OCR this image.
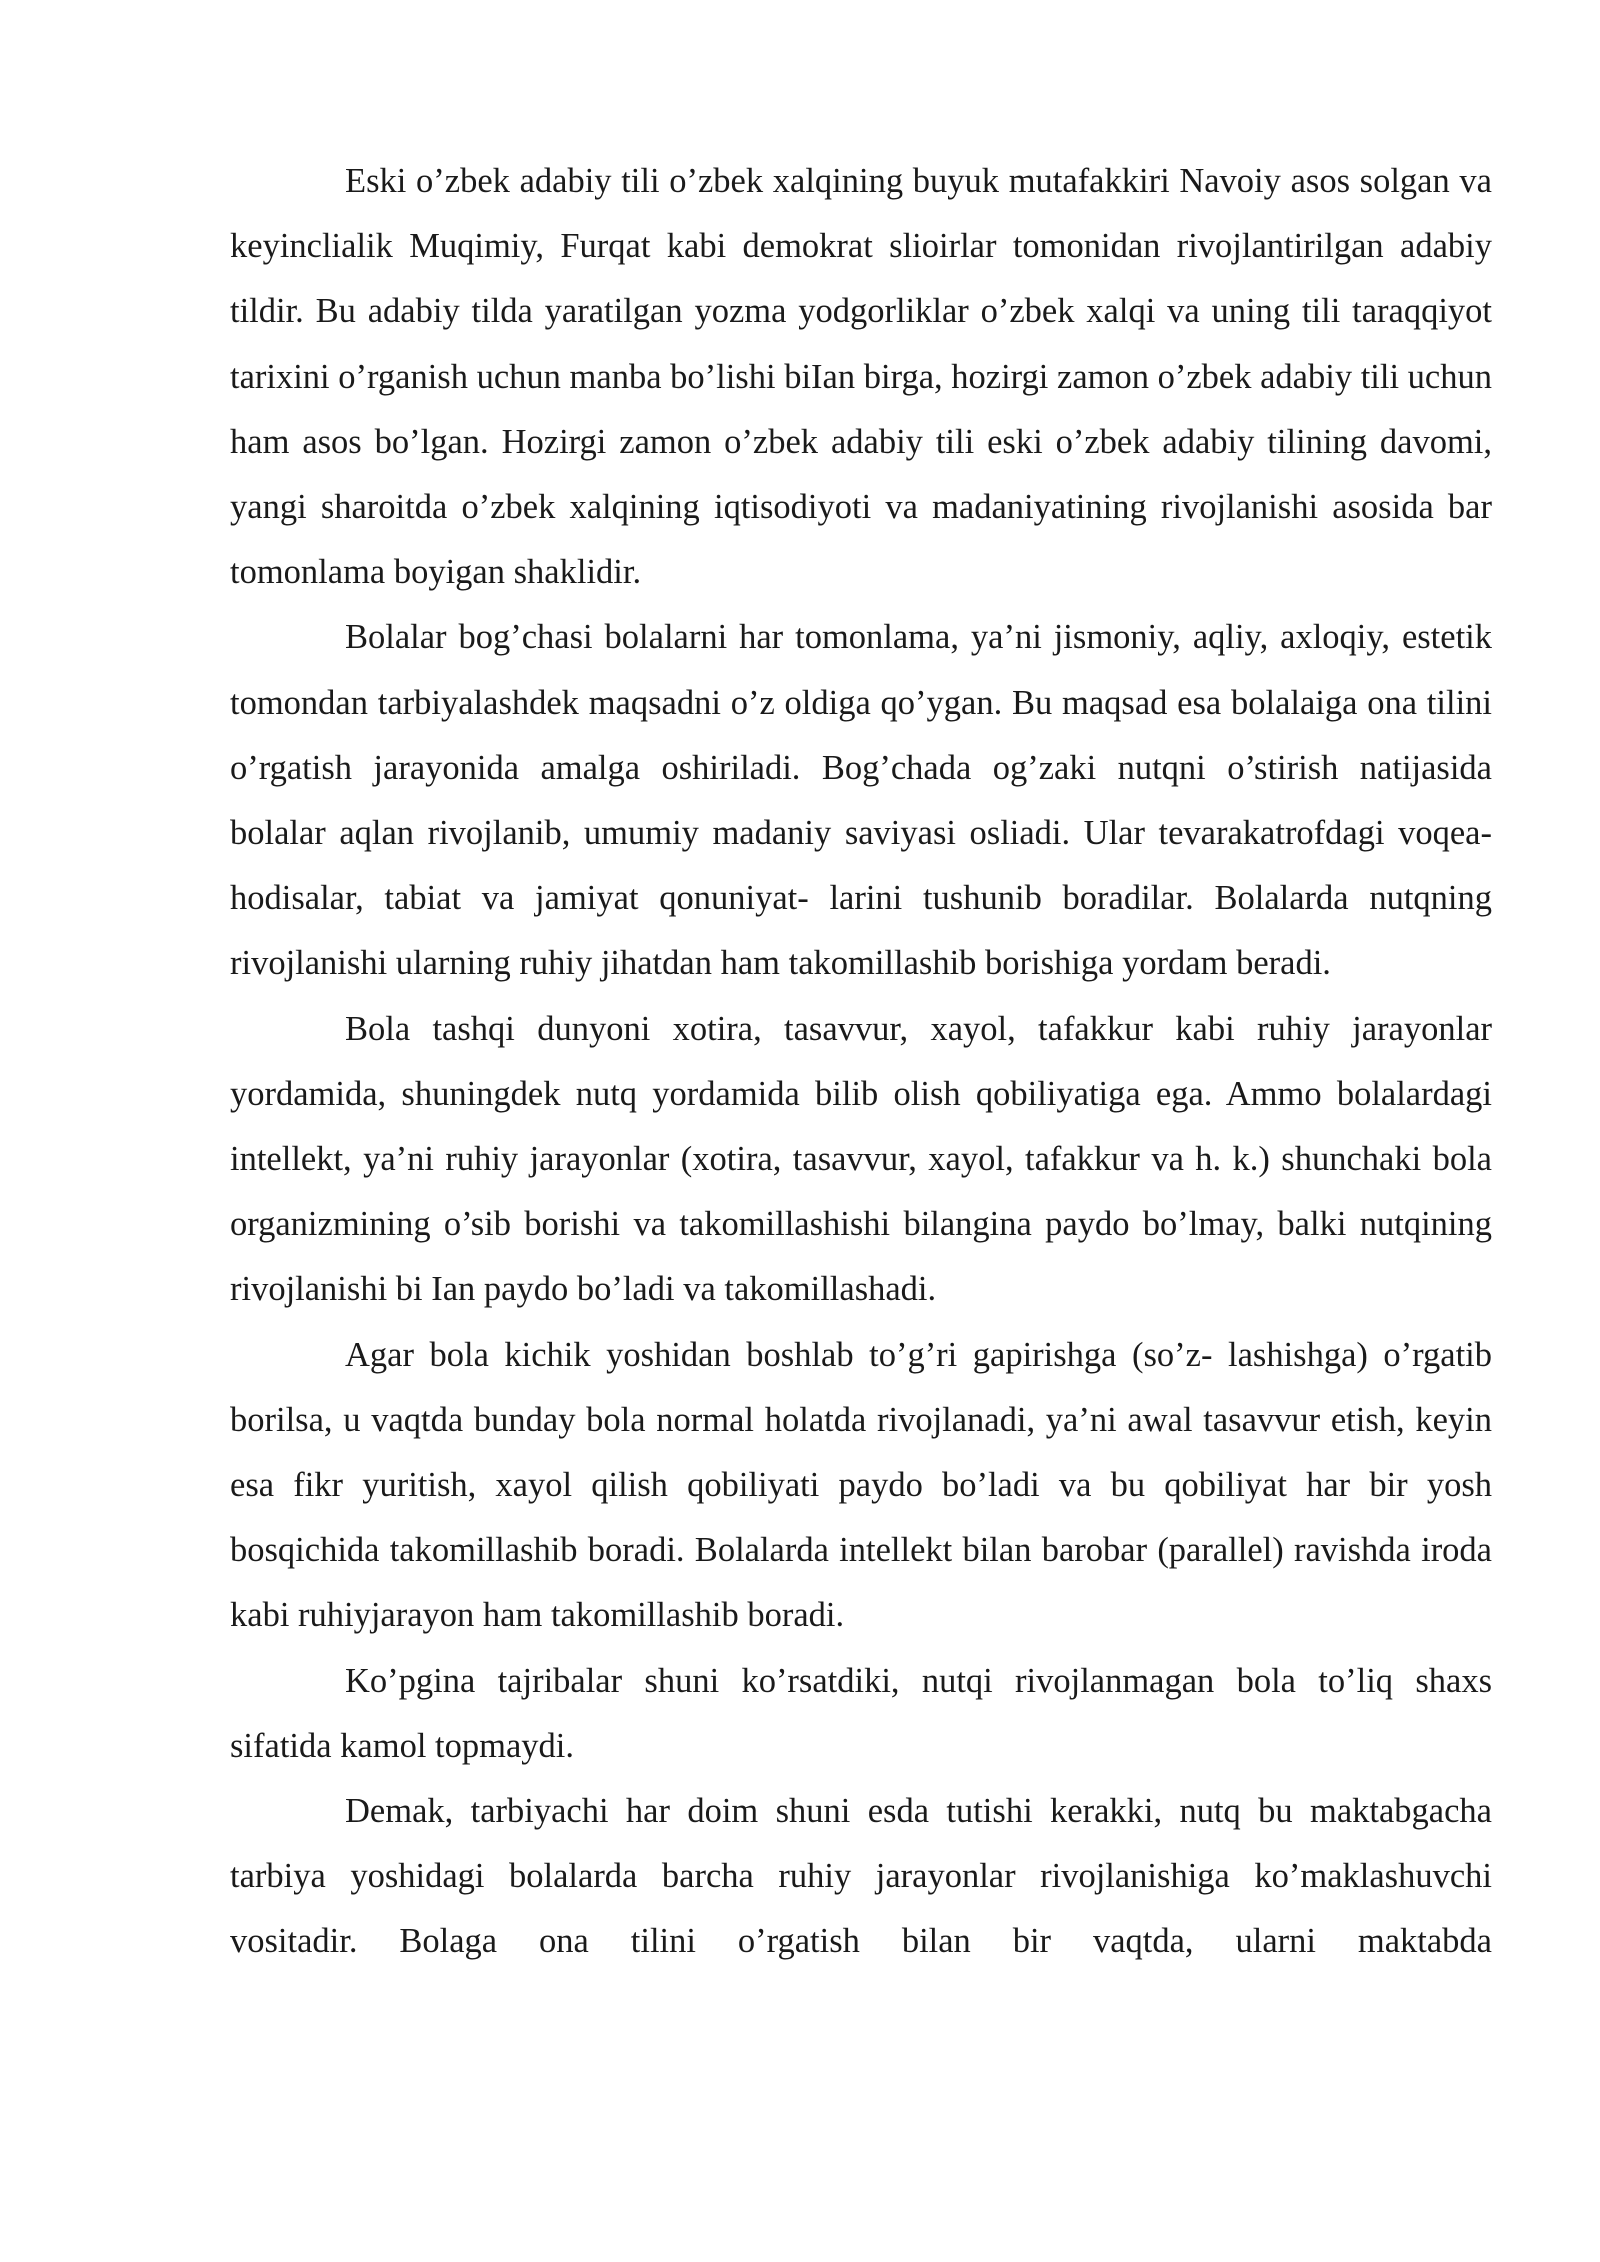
Eski o’zbek adabiy tili o’zbek xalqining buyuk mutafakkiri Navoiy asos solgan va keyinclialik Muqimiy, Furqat kabi demokrat slioirlar tomonidan rivojlantirilgan adabiy tildir. Bu adabiy tilda yaratilgan yozma yodgorliklar o’zbek xalqi va uning tili taraqqiyot tarixini o’rganish uchun manba bo’lishi biIan birga, hozirgi zamon o’zbek adabiy tili uchun ham asos bo’lgan. Hozirgi zamon o’zbek adabiy tili eski o’zbek adabiy tilining davomi, yangi sharoitda o’zbek xalqining iqtisodiyoti va madaniyatining rivojlanishi asosida bar tomonlama boyigan shaklidir.

Bolalar bog’chasi bolalarni har tomonlama, ya’ni jismoniy, aqliy, axloqiy, estetik tomondan tarbiyalashdek maqsadni o’z oldiga qo’ygan. Bu maqsad esa bolalaiga ona tilini o’rgatish jarayonida amalga oshiriladi. Bog’chada og’zaki nutqni o’stirish natijasida bolalar aqlan rivojlanib, umumiy madaniy saviyasi osliadi. Ular tevarakatrofdagi voqea-hodisalar, tabiat va jamiyat qonuniyat- larini tushunib boradilar. Bolalarda nutqning rivojlanishi ularning ruhiy jihatdan ham takomillashib borishiga yordam beradi.

Bola tashqi dunyoni xotira, tasavvur, xayol, tafakkur kabi ruhiy jarayonlar yordamida, shuningdek nutq yordamida bilib olish qobiliyatiga ega. Ammo bolalardagi intellekt, ya’ni ruhiy jarayonlar (xotira, tasavvur, xayol, tafakkur va h. k.) shunchaki bola organizmining o’sib borishi va takomillashishi bilangina paydo bo’lmay, balki nutqining rivojlanishi bi Ian paydo bo’ladi va takomillashadi.

Agar bola kichik yoshidan boshlab to’g’ri gapirishga (so’z- lashishga) o’rgatib borilsa, u vaqtda bunday bola normal holatda rivojlanadi, ya’ni awal tasavvur etish, keyin esa fikr yuritish, xayol qilish qobiliyati paydo bo’ladi va bu qobiliyat har bir yosh bosqichida takomillashib boradi. Bolalarda intellekt bilan barobar (parallel) ravishda iroda kabi ruhiyjarayon ham takomillashib boradi.

Ko’pgina tajribalar shuni ko’rsatdiki, nutqi rivojlanmagan bola to’liq shaxs sifatida kamol topmaydi.

Demak, tarbiyachi har doim shuni esda tutishi kerakki, nutq bu maktabgacha tarbiya yoshidagi bolalarda barcha ruhiy jarayonlar rivojlanishiga ko’maklashuvchi vositadir. Bolaga ona tilini o’rgatish bilan bir vaqtda, ularni maktabda
